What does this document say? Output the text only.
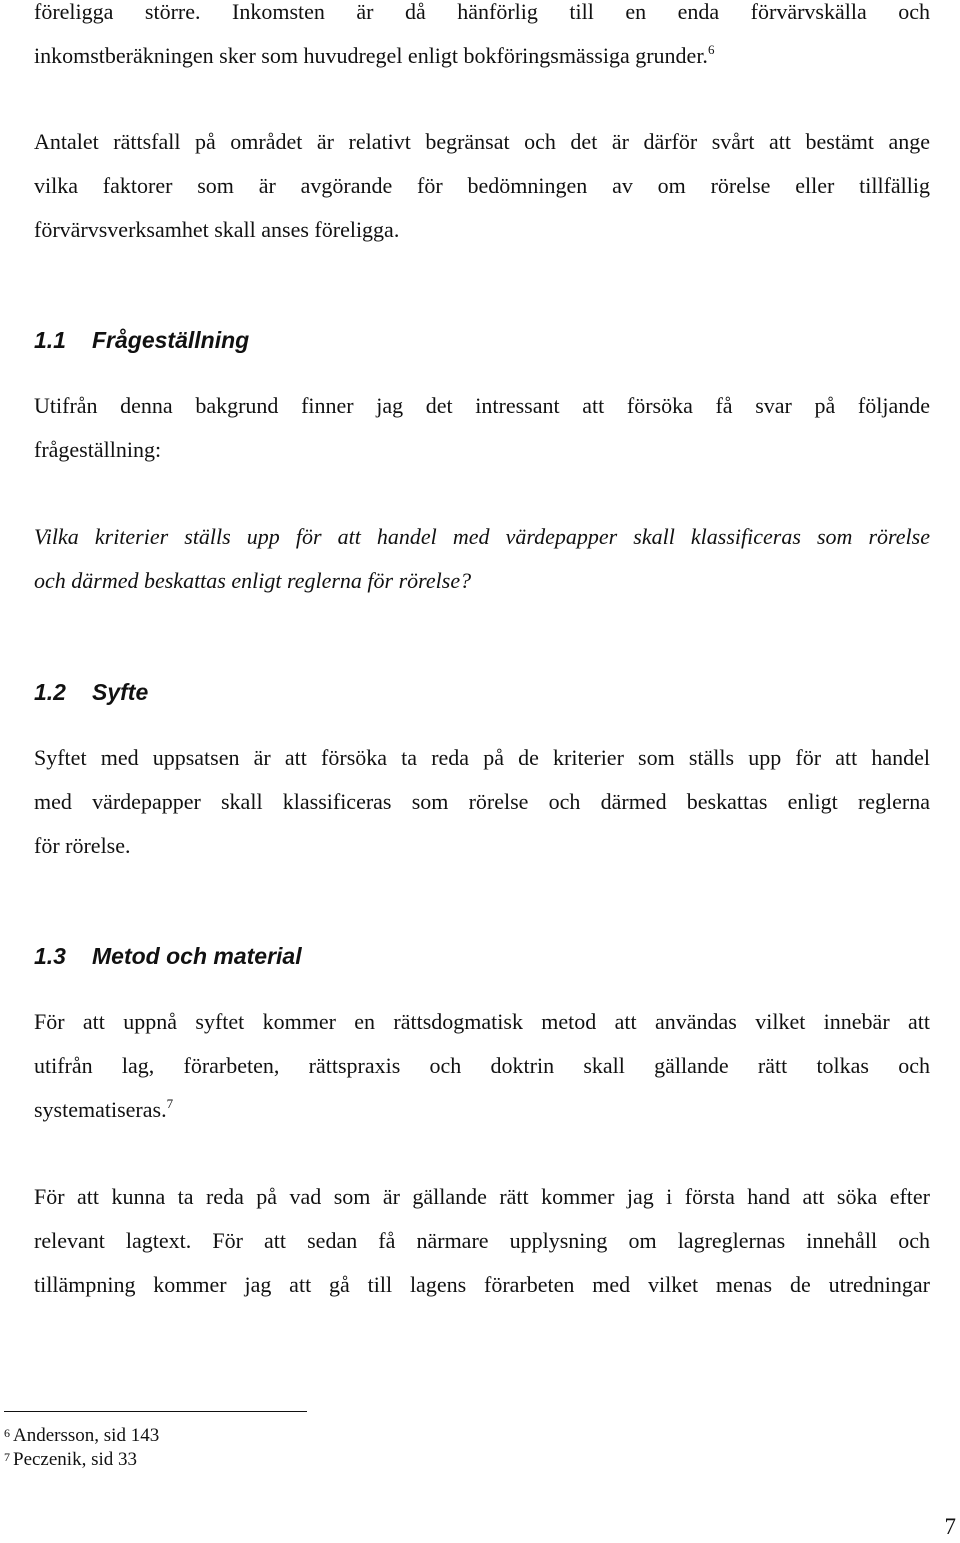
föreligga större. Inkomsten är då hänförlig till en enda förvärvskälla och
inkomstberäkningen sker som huvudregel enligt bokföringsmässiga grunder.$^6$
Antalet rättsfall på området är relativt begränsat och det är därför svårt att bestämt ange
vilka faktorer som är avgörande för bedömningen av om rörelse eller tillfällig
förvärvsverksamhet skall anses föreligga.
1.1 Frågeställning
Utifrån denna bakgrund finner jag det intressant att försöka få svar på följande
frågeställning:
Vilka kriterier ställs upp för att handel med värdepapper skall klassificeras som rörelse
och därmed beskattas enligt reglerna för rörelse?
1.2 Syfte
Syftet med uppsatsen är att försöka ta reda på de kriterier som ställs upp för att handel
med värdepapper skall klassificeras som rörelse och därmed beskattas enligt reglerna
för rörelse.
1.3 Metod och material
För att uppnå syftet kommer en rättsdogmatisk metod att användas vilket innebär att
utifrån lag, förarbeten, rättspraxis och doktrin skall gällande rätt tolkas och
systematiseras.$^7$
För att kunna ta reda på vad som är gällande rätt kommer jag i första hand att söka efter
relevant lagtext. För att sedan få närmare upplysning om lagreglernas innehåll och
tillämpning kommer jag att gå till lagens förarbeten med vilket menas de utredningar
$^6$ Andersson, sid 143
$^7$ Peczenik, sid 33
7
